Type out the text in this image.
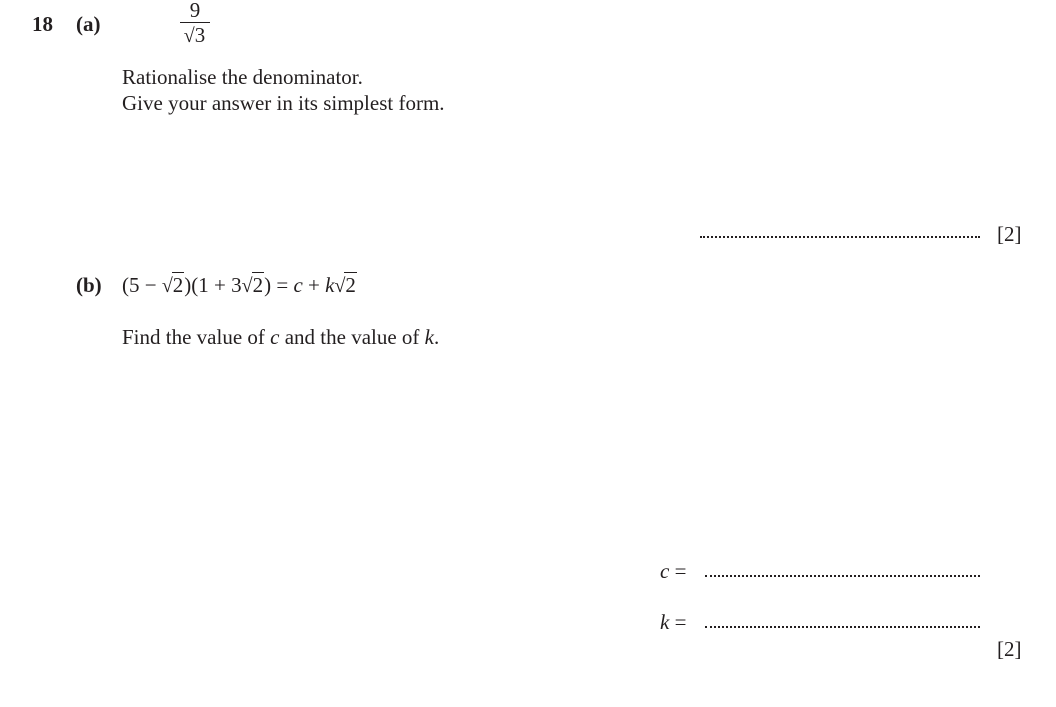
18 (a)
9
√3
Rationalise the denominator.
Give your answer in its simplest form.
[2]
(b) (5 − √2)(1 + 3√2) = c + k√2
Find the value of c and the value of k.
c =
k =
[2]
